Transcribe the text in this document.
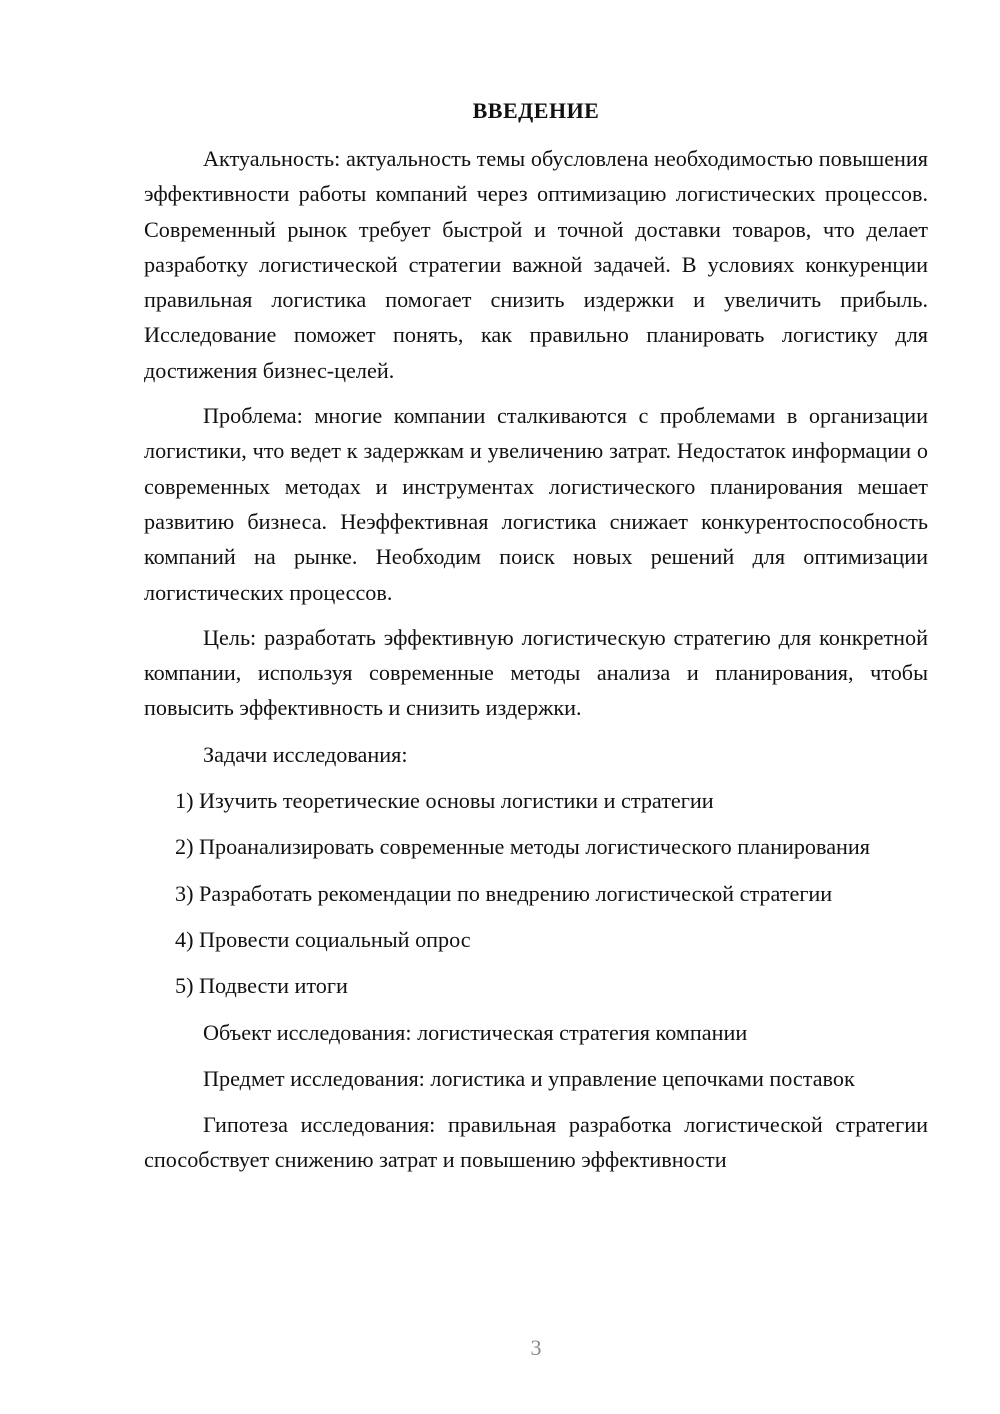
ВВЕДЕНИЕ

Актуальность: актуальность темы обусловлена необходимостью повышения эффективности работы компаний через оптимизацию логистических процессов. Современный рынок требует быстрой и точной доставки товаров, что делает разработку логистической стратегии важной задачей. В условиях конкуренции правильная логистика помогает снизить издержки и увеличить прибыль. Исследование поможет понять, как правильно планировать логистику для достижения бизнес-целей.

Проблема: многие компании сталкиваются с проблемами в организации логистики, что ведет к задержкам и увеличению затрат. Недостаток информации о современных методах и инструментах логистического планирования мешает развитию бизнеса. Неэффективная логистика снижает конкурентоспособность компаний на рынке. Необходим поиск новых решений для оптимизации логистических процессов.

Цель: разработать эффективную логистическую стратегию для конкретной компании, используя современные методы анализа и планирования, чтобы повысить эффективность и снизить издержки.

Задачи исследования:

1) Изучить теоретические основы логистики и стратегии

2) Проанализировать современные методы логистического планирования

3) Разработать рекомендации по внедрению логистической стратегии

4) Провести социальный опрос

5) Подвести итоги

Объект исследования: логистическая стратегия компании

Предмет исследования: логистика и управление цепочками поставок

Гипотеза исследования: правильная разработка логистической стратегии способствует снижению затрат и повышению эффективности

3
